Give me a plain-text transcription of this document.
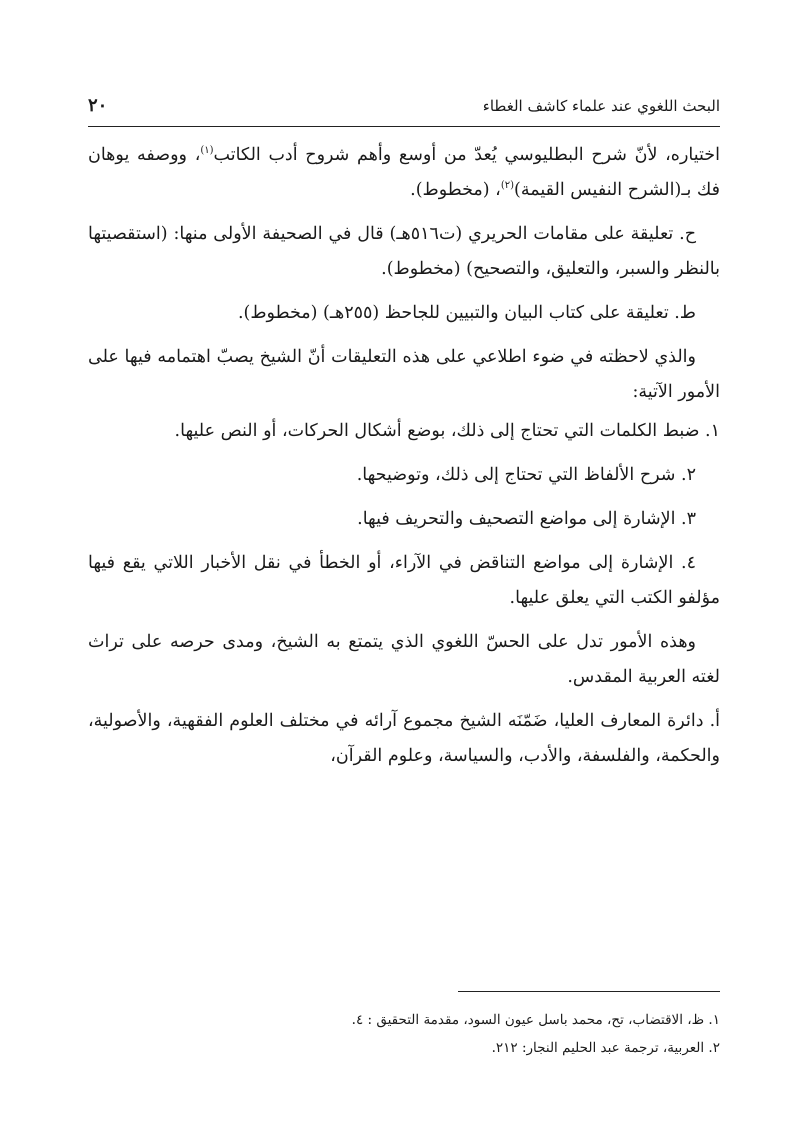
البحث اللغوي عند علماء كاشف الغطاء
٢٠

اختياره، لأنّ شرح البطليوسي يُعدّ من أوسع وأهم شروح أدب الكاتب$^{(١)}$، ووصفه يوهان فك بـ(الشرح النفيس القيمة)$^{(٢)}$، (مخطوط).

ح. تعليقة على مقامات الحريري (ت٥١٦هـ) قال في الصحيفة الأولى منها: (استقصيتها بالنظر والسبر، والتعليق، والتصحيح) (مخطوط).

ط. تعليقة على كتاب البيان والتبيين للجاحظ (٢٥٥هـ) (مخطوط).

والذي لاحظته في ضوء اطلاعي على هذه التعليقات أنّ الشيخ يصبّ اهتمامه فيها على الأمور الآتية:

١. ضبط الكلمات التي تحتاج إلى ذلك، بوضع أشكال الحركات، أو النص عليها.

٢. شرح الألفاظ التي تحتاج إلى ذلك، وتوضيحها.

٣. الإشارة إلى مواضع التصحيف والتحريف فيها.

٤. الإشارة إلى مواضع التناقض في الآراء، أو الخطأ في نقل الأخبار اللاتي يقع فيها مؤلفو الكتب التي يعلق عليها.

وهذه الأمور تدل على الحسّ اللغوي الذي يتمتع به الشيخ، ومدى حرصه على تراث لغته العربية المقدس.

أ. دائرة المعارف العليا، ضَمّنَه الشيخ مجموع آرائه في مختلف العلوم الفقهية، والأصولية، والحكمة، والفلسفة، والأدب، والسياسة، وعلوم القرآن،

١. ظ، الاقتضاب، تح، محمد باسل عيون السود، مقدمة التحقيق : ٤.
٢. العربية، ترجمة عبد الحليم النجار: ٢١٢.
